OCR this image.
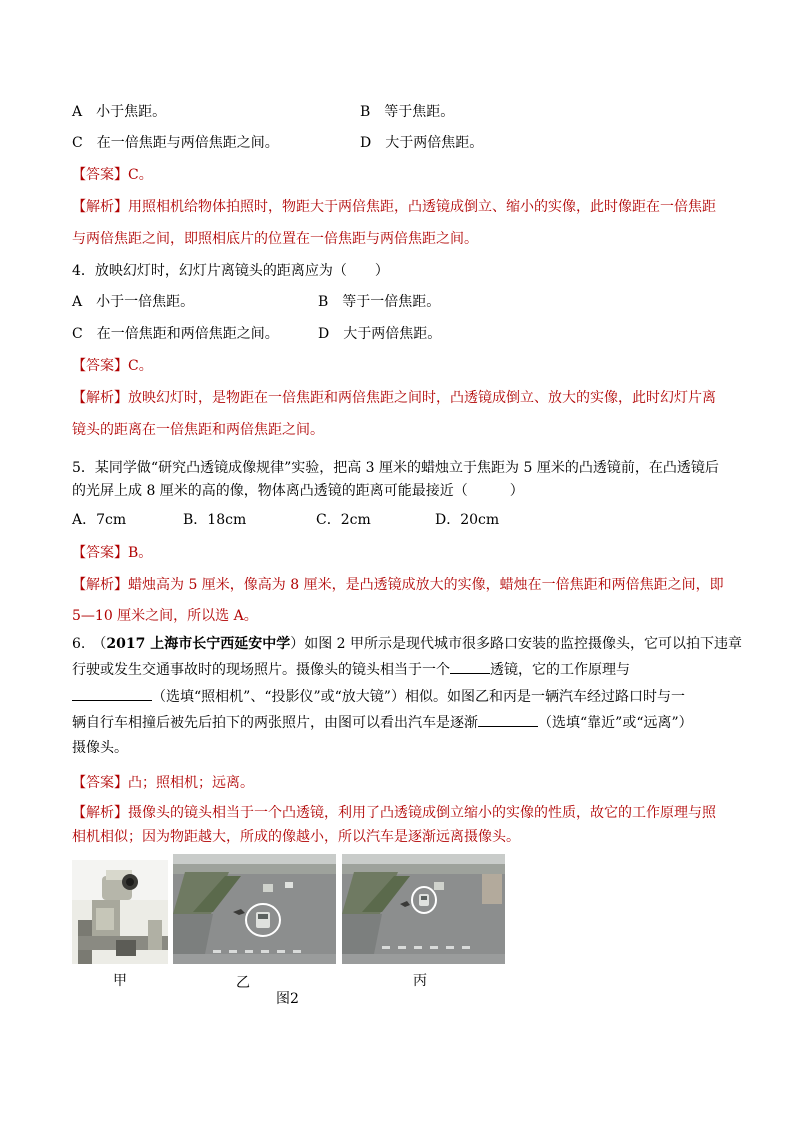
A　小于焦距。	B　等于焦距。
C　在一倍焦距与两倍焦距之间。	D　大于两倍焦距。
【答案】C。
【解析】用照相机给物体拍照时，物距大于两倍焦距，凸透镜成倒立、缩小的实像，此时像距在一倍焦距
与两倍焦距之间，即照相底片的位置在一倍焦距与两倍焦距之间。
4．放映幻灯时，幻灯片离镜头的距离应为（　　）
A　小于一倍焦距。	B　等于一倍焦距。
C　在一倍焦距和两倍焦距之间。	D　大于两倍焦距。
【答案】C。
【解析】放映幻灯时，是物距在一倍焦距和两倍焦距之间时，凸透镜成倒立、放大的实像，此时幻灯片离
镜头的距离在一倍焦距和两倍焦距之间。
5．某同学做“研究凸透镜成像规律”实验，把高 3 厘米的蜡烛立于焦距为 5 厘米的凸透镜前，在凸透镜后
的光屏上成 8 厘米的高的像，物体离凸透镜的距离可能最接近（　　　）
A．7cm	B．18cm	C．2cm	D．20cm
【答案】B。
【解析】蜡烛高为 5 厘米，像高为 8 厘米，是凸透镜成放大的实像，蜡烛在一倍焦距和两倍焦距之间，即
5—10 厘米之间，所以选 A。
6.　（2017 上海市长宁西延安中学）如图 2 甲所示是现代城市很多路口安装的监控摄像头，它可以拍下违章
行驶或发生交通事故时的现场照片。摄像头的镜头相当于一个	透镜，它的工作原理与
（选填“照相机”、“投影仪”或“放大镜”）相似。如图乙和丙是一辆汽车经过路口时与一
辆自行车相撞后被先后拍下的两张照片，由图可以看出汽车是逐渐	（选填“靠近”或“远离”）
摄像头。
【答案】凸；照相机；远离。
【解析】摄像头的镜头相当于一个凸透镜，利用了凸透镜成倒立缩小的实像的性质，故它的工作原理与照
相机相似；因为物距越大，所成的像越小，所以汽车是逐渐远离摄像头。
甲	乙	丙
图2
